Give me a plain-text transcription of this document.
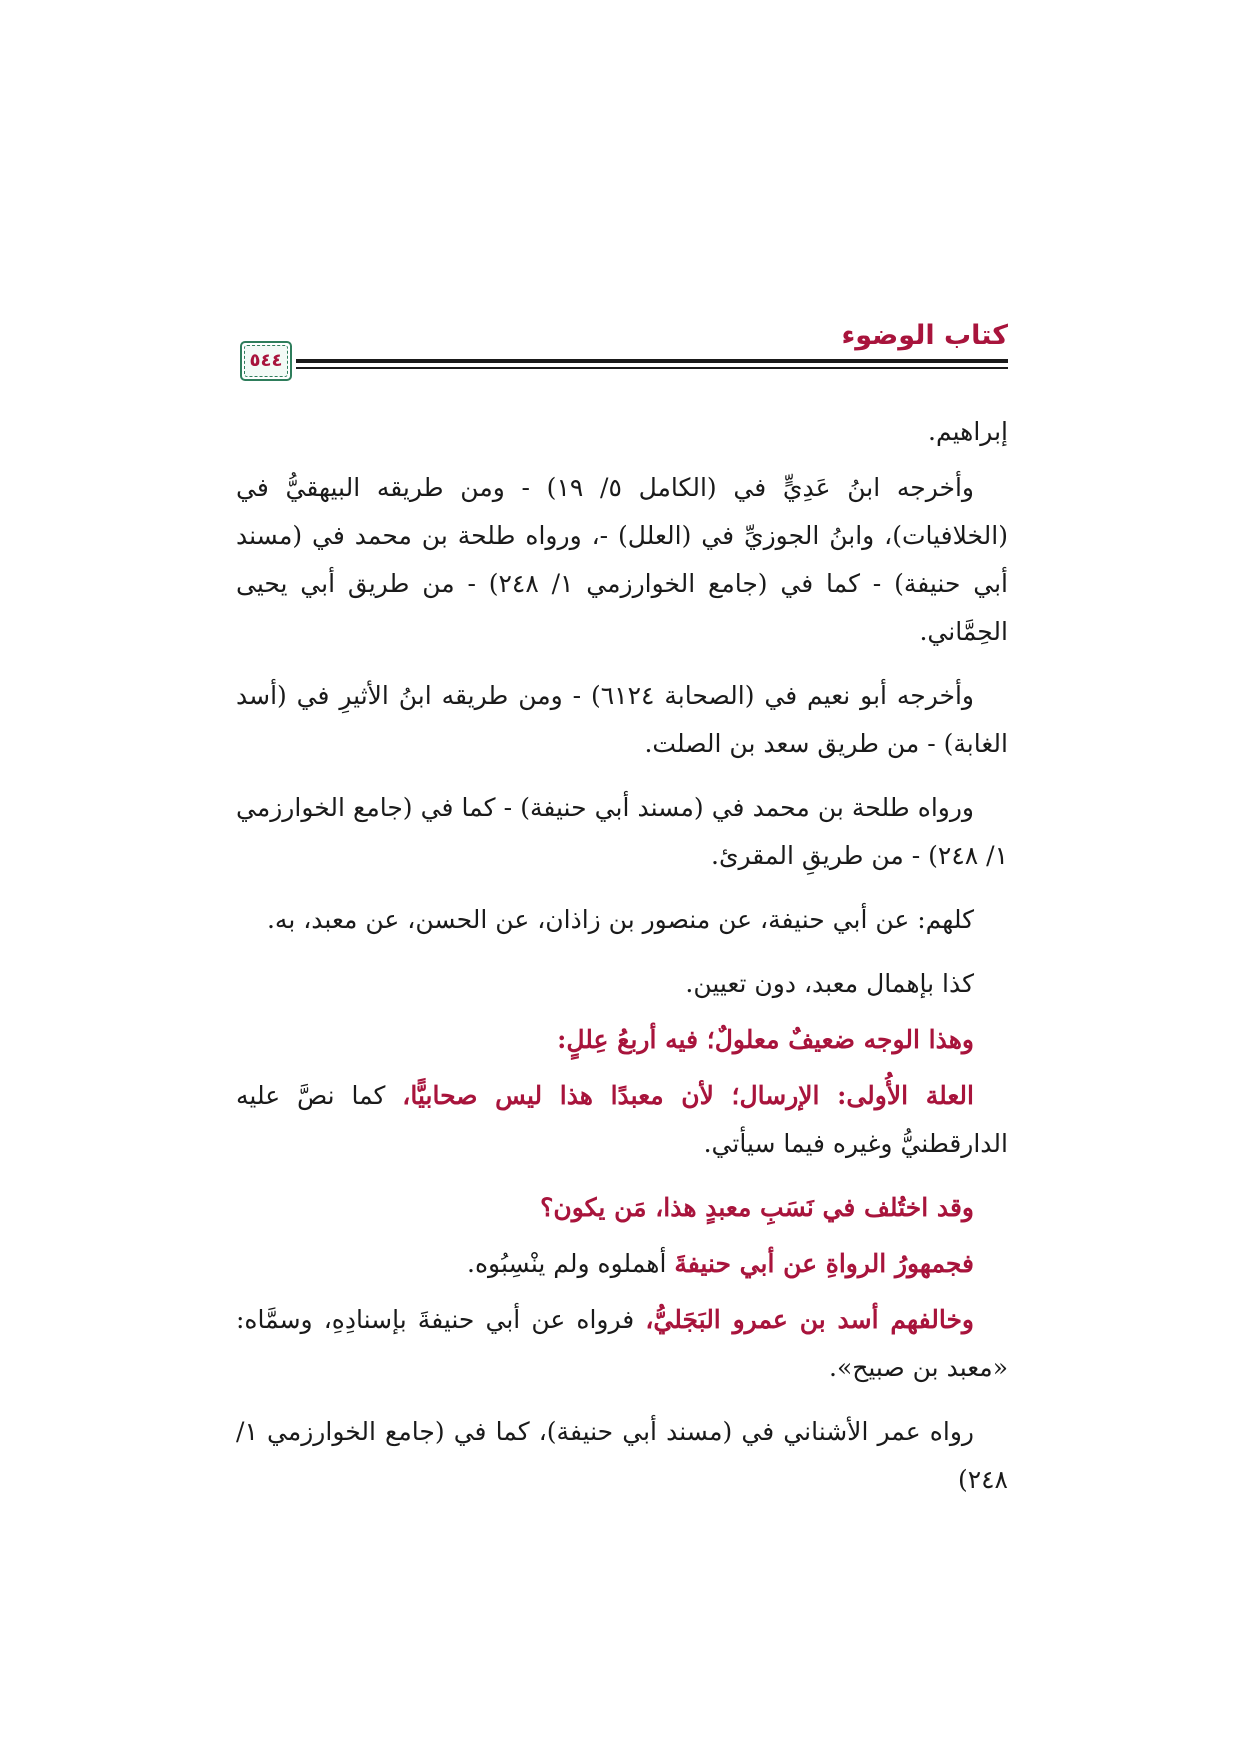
كتاب الوضوء
٥٤٤

إبراهيم.

وأخرجه ابنُ عَدِيٍّ في (الكامل ٥/ ١٩) - ومن طريقه البيهقيُّ في (الخلافيات)، وابنُ الجوزيِّ في (العلل) -، ورواه طلحة بن محمد في (مسند أبي حنيفة) - كما في (جامع الخوارزمي ١/ ٢٤٨) - من طريق أبي يحيى الحِمَّاني.

وأخرجه أبو نعيم في (الصحابة ٦١٢٤) - ومن طريقه ابنُ الأثيرِ في (أسد الغابة) - من طريق سعد بن الصلت.

ورواه طلحة بن محمد في (مسند أبي حنيفة) - كما في (جامع الخوارزمي ١/ ٢٤٨) - من طريقِ المقرئ.

كلهم: عن أبي حنيفة، عن منصور بن زاذان، عن الحسن، عن معبد، به.

كذا بإهمال معبد، دون تعيين.

وهذا الوجه ضعيفٌ معلولٌ؛ فيه أربعُ عِللٍ:

العلة الأُولى: الإرسال؛ لأن معبدًا هذا ليس صحابيًّا، كما نصَّ عليه الدارقطنيُّ وغيره فيما سيأتي.

وقد اختُلف في نَسَبِ معبدٍ هذا، مَن يكون؟

فجمهورُ الرواةِ عن أبي حنيفةَ أهملوه ولم ينْسِبُوه.

وخالفهم أسد بن عمرو البَجَليُّ، فرواه عن أبي حنيفةَ بإسنادِهِ، وسمَّاه: «معبد بن صبيح».

رواه عمر الأشناني في (مسند أبي حنيفة)، كما في (جامع الخوارزمي ١/ ٢٤٨)
